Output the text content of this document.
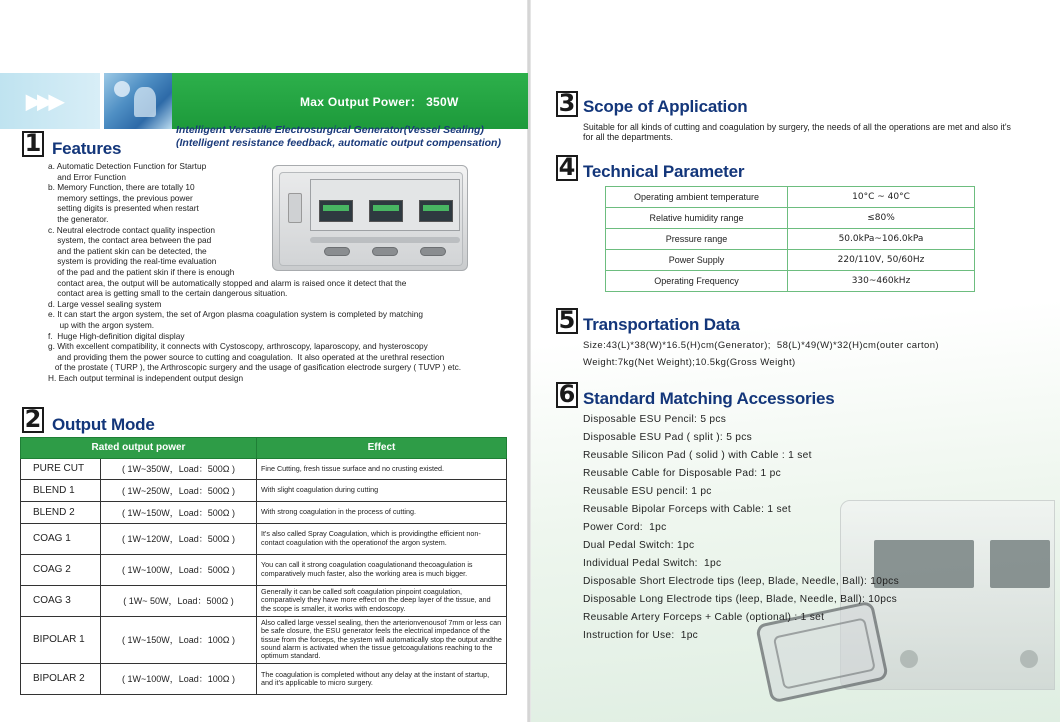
▶▶▶	Max Output Power： 350W
Intelligent Versatile Electrosurgical Generator(Vessel Sealing)
(Intelligent resistance feedback, automatic output compensation)
1 Features
a. Automatic Detection Function for Startup
and Error Function
b. Memory Function, there are totally 10
memory settings, the previous power
setting digits is presented when restart
the generator.
c. Neutral electrode contact quality inspection
system, the contact area between the pad
and the patient skin can be detected, the
system is providing the real-time evaluation
of the pad and the patient skin if there is enough
contact area, the output will be automatically stopped and alarm is raised once it detect that the
contact area is getting small to the certain dangerous situation.
d. Large vessel sealing system
e. It can start the argon system, the set of Argon plasma coagulation system is completed by matching
up with the argon system.
f.  Huge High-definition digital display
g. With excellent compatibility, it connects with Cystoscopy, arthroscopy, laparoscopy, and hysteroscopy
and providing them the power source to cutting and coagulation.  It also operated at the urethral resection
of the prostate ( TURP ), the Arthroscopic surgery and the usage of gasification electrode surgery ( TUVP ) etc.
H. Each output terminal is independent output design
2 Output Mode
Rated output power		Effect
PURE CUT	( 1W~350W，Load：500Ω )	Fine Cutting, fresh tissue surface and no crusting existed.
BLEND 1	( 1W~250W，Load：500Ω )	With slight coagulation during cutting
BLEND 2	( 1W~150W，Load：500Ω )	With strong coagulation in the process of cutting.
COAG 1	( 1W~120W，Load：500Ω )	It's also called Spray Coagulation, which is providingthe efficient non-contact coagulation with the operationof the argon system.
COAG 2	( 1W~100W，Load：500Ω )	You can call it strong coagulation coagulationand thecoagulation is comparatively much faster, also the working area is much bigger.
COAG 3	( 1W~ 50W，Load：500Ω )	Generally it can be called soft coagulation pinpoint coagulation, comparatively they have more effect on the deep layer of the tissue, and the scope is smaller, it works with endoscopy.
BIPOLAR 1	( 1W~150W，Load：100Ω )	Also called large vessel sealing, then the arterionvenousof 7mm or less can be safe closure, the ESU generator feels the electrical impedance of the tissue from the forceps, the system will automatically stop the output andthe sound alarm is activated when the tissue getcoagulations reaching to the optimum standard.
BIPOLAR 2	( 1W~100W，Load：100Ω )	The coagulation is completed without any delay at the instant of startup, and it's applicable to micro surgery.
3 Scope of Application
Suitable for all kinds of cutting and coagulation by surgery, the needs of all the operations are met and also it's for all the departments.
4 Technical Parameter
Operating ambient temperature	10°C ~ 40°C
Relative humidity range	≤80%
Pressure range	50.0kPa~106.0kPa
Power Supply	220/110V, 50/60Hz
Operating Frequency	330~460kHz
5 Transportation Data
Size:43(L)*38(W)*16.5(H)cm(Generator);  58(L)*49(W)*32(H)cm(outer carton)
Weight:7kg(Net Weight);10.5kg(Gross Weight)
6 Standard Matching Accessories
Disposable ESU Pencil: 5 pcs
Disposable ESU Pad ( split ): 5 pcs
Reusable Silicon Pad ( solid ) with Cable : 1 set
Reusable Cable for Disposable Pad: 1 pc
Reusable ESU pencil: 1 pc
Reusable Bipolar Forceps with Cable: 1 set
Power Cord:  1pc
Dual Pedal Switch: 1pc
Individual Pedal Switch:  1pc
Disposable Short Electrode tips (leep, Blade, Needle, Ball): 10pcs
Disposable Long Electrode tips (leep, Blade, Needle, Ball): 10pcs
Reusable Artery Forceps + Cable (optional) : 1 set
Instruction for Use:  1pc
